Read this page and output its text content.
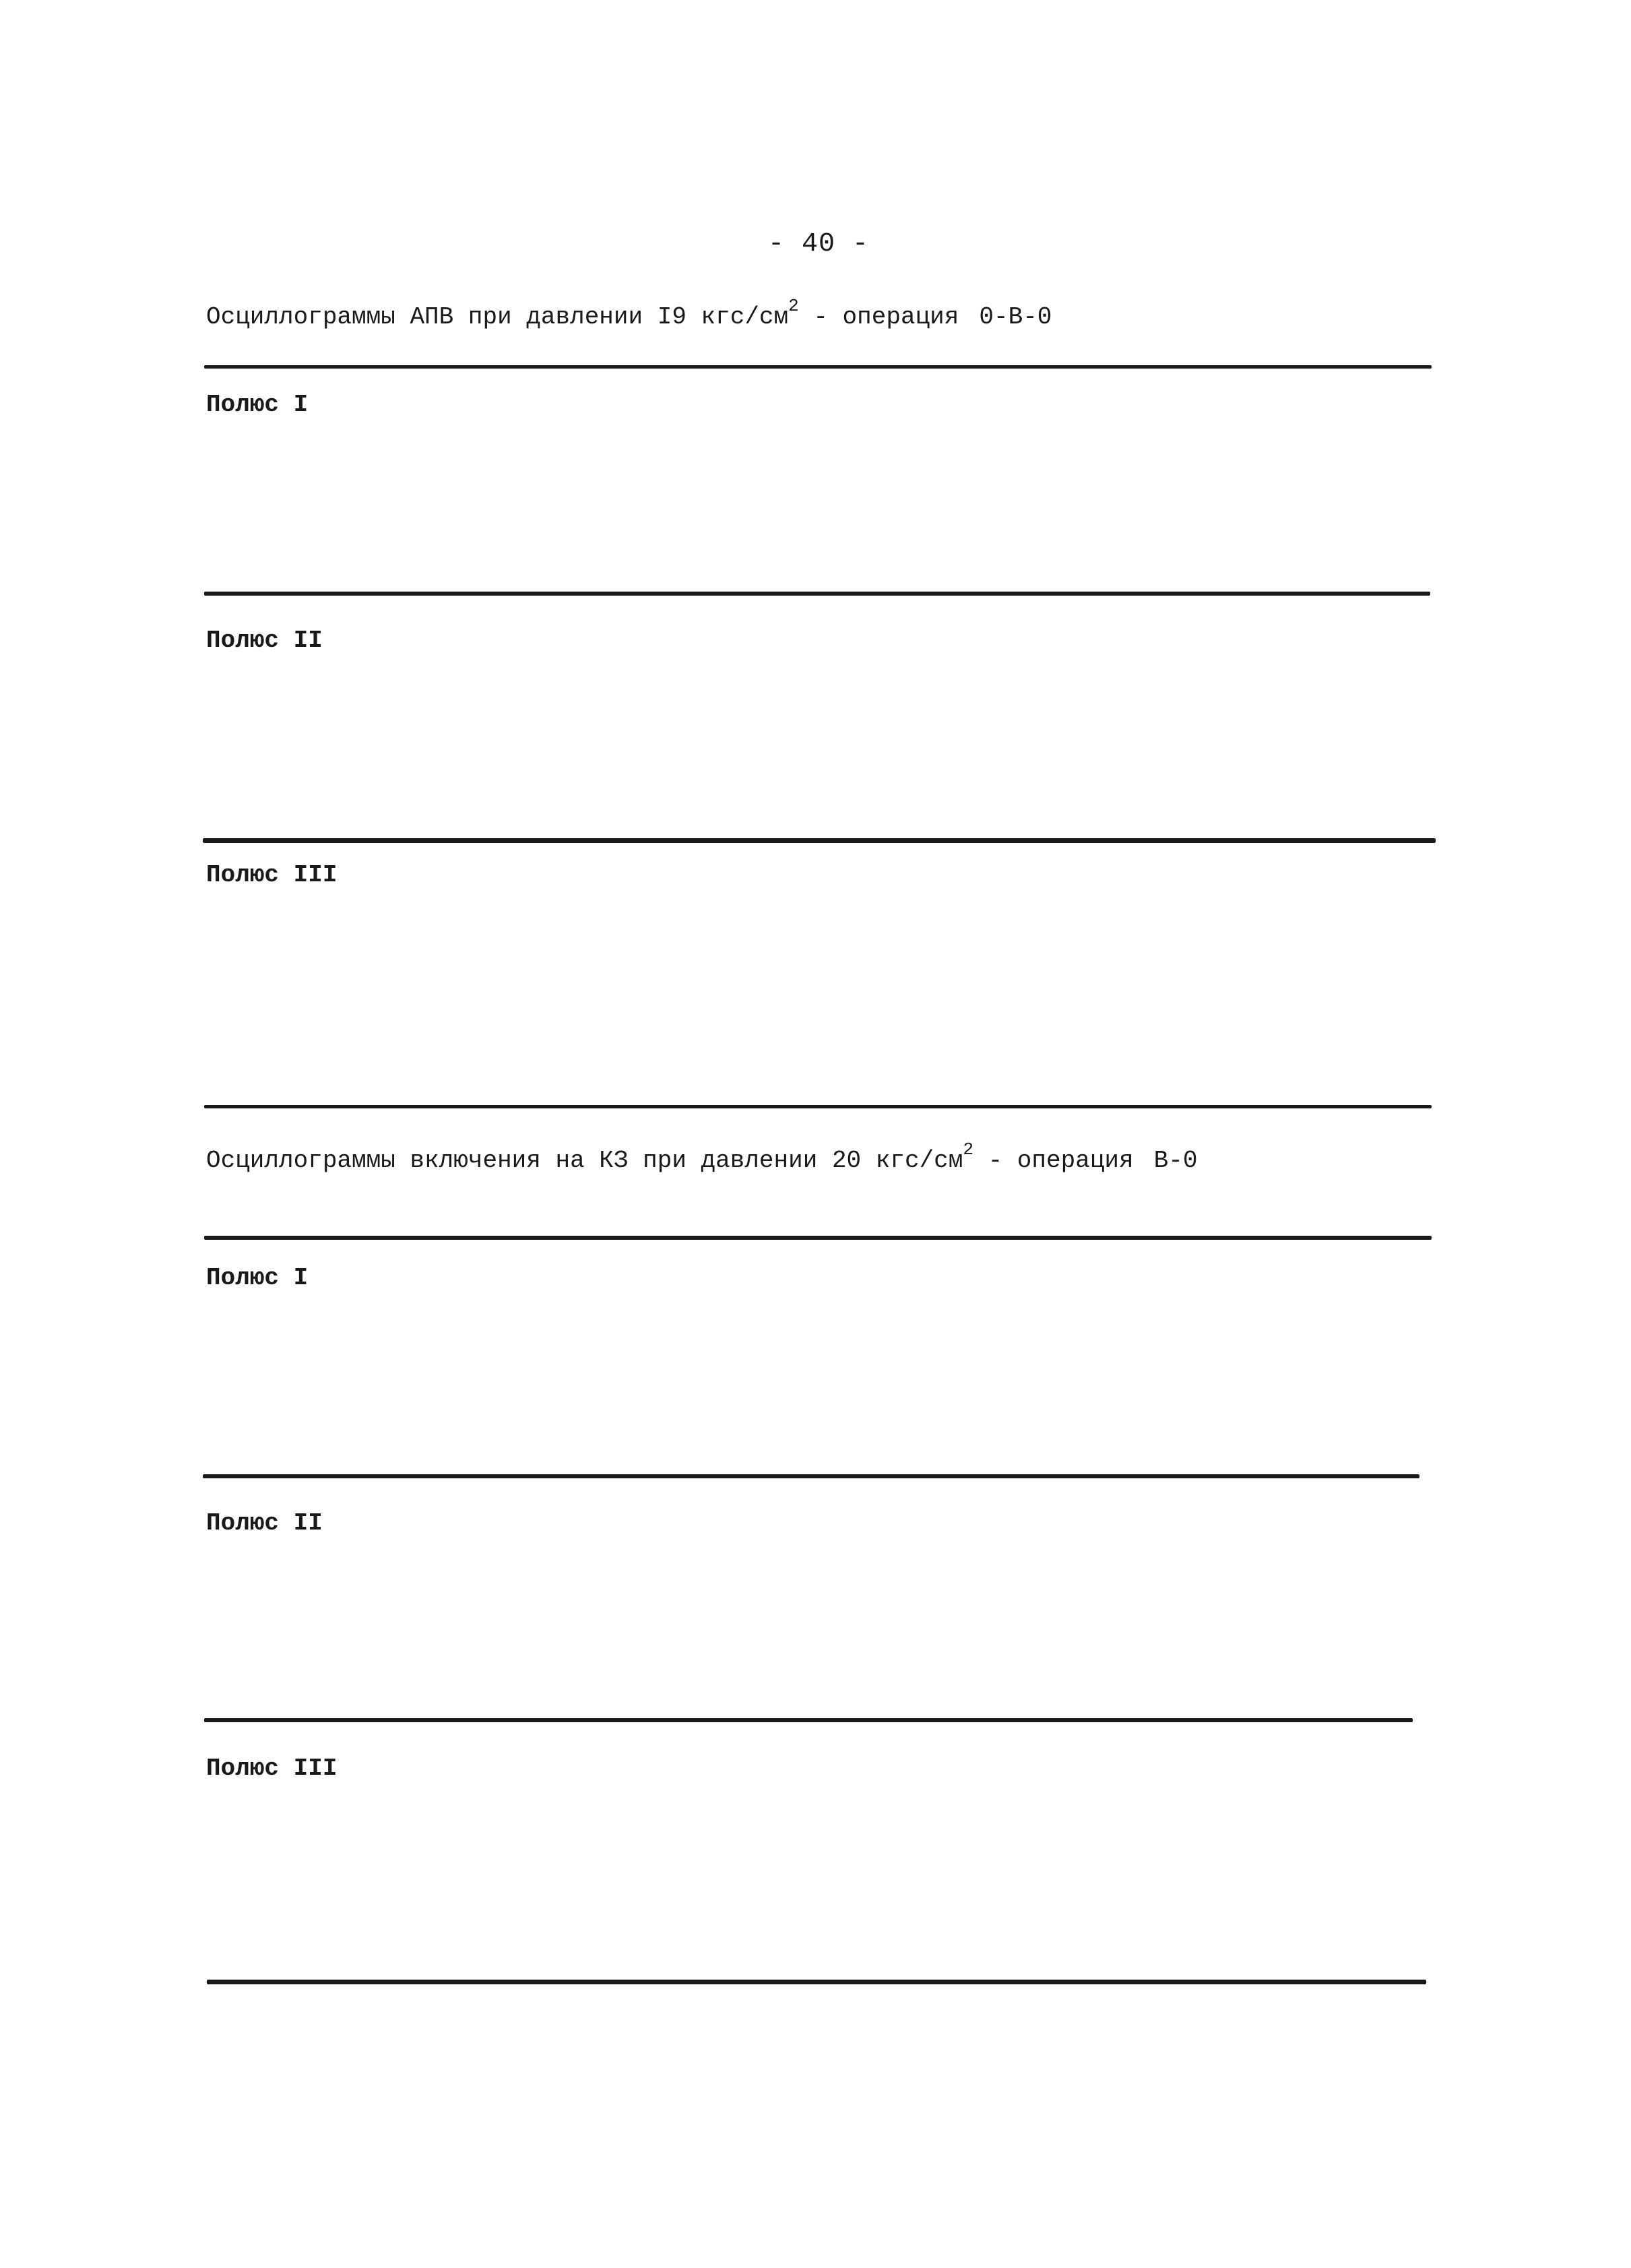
- 40 -
Осциллограммы АПВ при давлении I9 кгс/$см^2$ - операция 0-В-0
Полюс I
Полюс II
Полюс III
Осциллограммы включения на КЗ при давлении 20 кгс/$см^2$ - операция В-0
Полюс I
Полюс II
Полюс III
